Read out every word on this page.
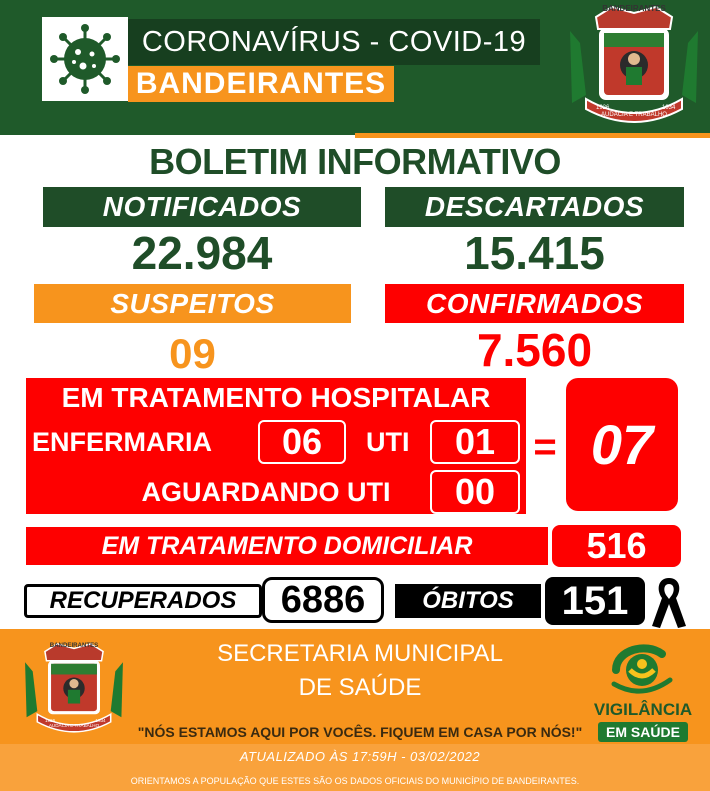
CORONAVÍRUS - COVID-19
BANDEIRANTES
BANDEIRANTES
AUDÁCIA E TRABALHO
1926	1934
BOLETIM INFORMATIVO
NOTIFICADOS	DESCARTADOS
22.984	15.415
SUSPEITOS	CONFIRMADOS
09	7.560
EM TRATAMENTO HOSPITALAR
ENFERMARIA	06	UTI	01
AGUARDANDO UTI	00
= 07
EM TRATAMENTO DOMICILIAR	516
RECUPERADOS	6886	ÓBITOS	151
BANDEIRANTES
AUDÁCIA E TRABALHO
1926	1934
SECRETARIA MUNICIPAL
DE SAÚDE
"NÓS ESTAMOS AQUI POR VOCÊS. FIQUEM EM CASA POR NÓS!"
ATUALIZADO ÀS 17:59H - 03/02/2022
ORIENTAMOS A POPULAÇÃO QUE ESTES SÃO OS DADOS OFICIAIS DO MUNICÍPIO DE BANDEIRANTES.
VIGILÂNCIA
EM SAÚDE
